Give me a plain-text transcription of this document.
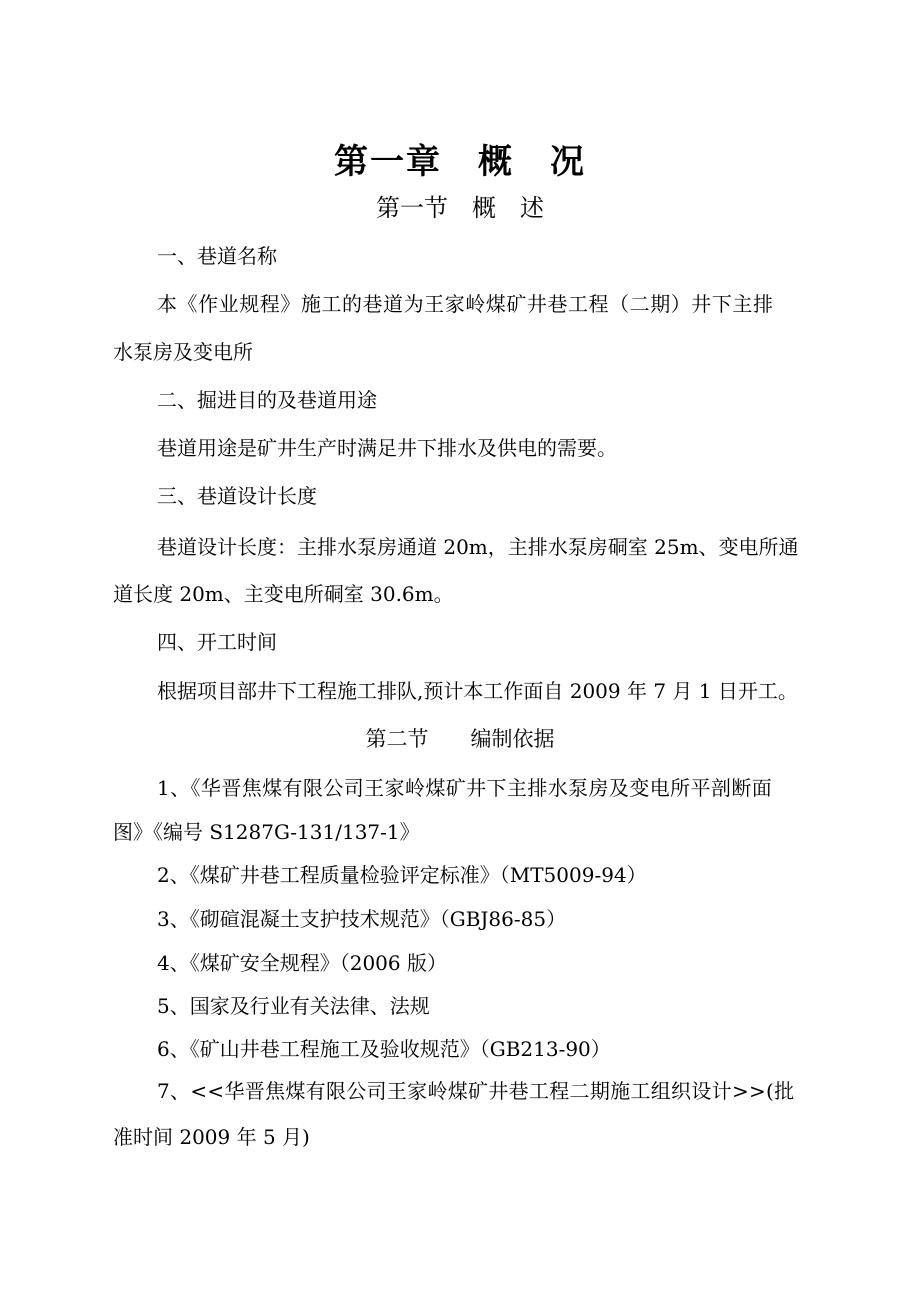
第一章　概　况
第一节　概　述
一、巷道名称
本《作业规程》施工的巷道为王家岭煤矿井巷工程（二期）井下主排
水泵房及变电所
二、掘进目的及巷道用途
巷道用途是矿井生产时满足井下排水及供电的需要。
三、巷道设计长度
巷道设计长度：主排水泵房通道 20m，主排水泵房硐室 25m、变电所通
道长度 20m、主变电所硐室 30.6m。
四、开工时间
根据项目部井下工程施工排队,预计本工作面自 2009 年 7 月 1 日开工。
第二节　　编制依据
1、《华晋焦煤有限公司王家岭煤矿井下主排水泵房及变电所平剖断面
图》《编号 S1287G-131/137-1》
2、《煤矿井巷工程质量检验评定标准》（MT5009-94）
3、《砌碹混凝土支护技术规范》（GBJ86-85）
4、《煤矿安全规程》（2006 版）
5、国家及行业有关法律、法规
6、《矿山井巷工程施工及验收规范》（GB213-90）
7、<<华晋焦煤有限公司王家岭煤矿井巷工程二期施工组织设计>>(批
准时间 2009 年 5 月)
